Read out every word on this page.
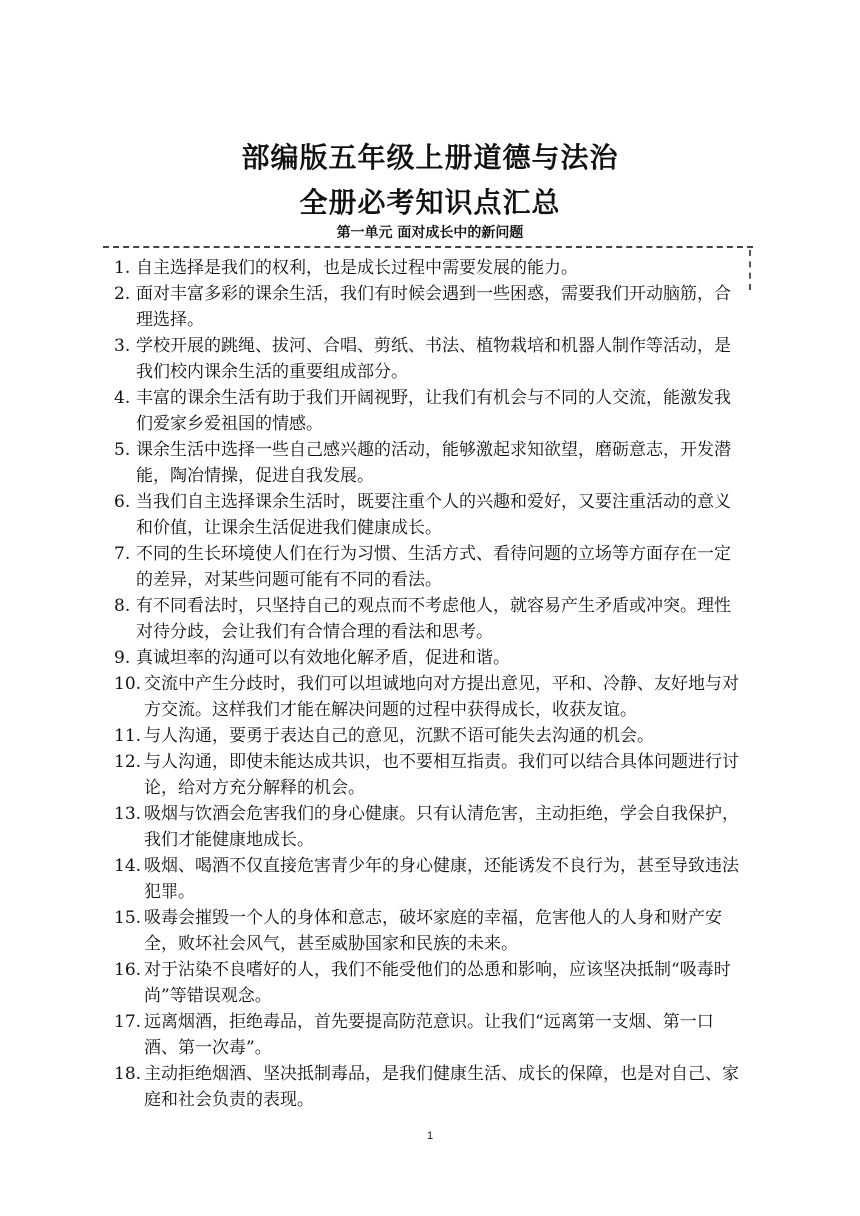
部编版五年级上册道德与法治
全册必考知识点汇总
第一单元 面对成长中的新问题
1. 自主选择是我们的权利，也是成长过程中需要发展的能力。
2. 面对丰富多彩的课余生活，我们有时候会遇到一些困惑，需要我们开动脑筋，合理选择。
3. 学校开展的跳绳、拔河、合唱、剪纸、书法、植物栽培和机器人制作等活动，是我们校内课余生活的重要组成部分。
4. 丰富的课余生活有助于我们开阔视野，让我们有机会与不同的人交流，能激发我们爱家乡爱祖国的情感。
5. 课余生活中选择一些自己感兴趣的活动，能够激起求知欲望，磨砺意志，开发潜能，陶冶情操，促进自我发展。
6. 当我们自主选择课余生活时，既要注重个人的兴趣和爱好，又要注重活动的意义和价值，让课余生活促进我们健康成长。
7. 不同的生长环境使人们在行为习惯、生活方式、看待问题的立场等方面存在一定的差异，对某些问题可能有不同的看法。
8. 有不同看法时，只坚持自己的观点而不考虑他人，就容易产生矛盾或冲突。理性对待分歧，会让我们有合情合理的看法和思考。
9. 真诚坦率的沟通可以有效地化解矛盾，促进和谐。
10. 交流中产生分歧时，我们可以坦诚地向对方提出意见，平和、冷静、友好地与对方交流。这样我们才能在解决问题的过程中获得成长，收获友谊。
11. 与人沟通，要勇于表达自己的意见，沉默不语可能失去沟通的机会。
12. 与人沟通，即使未能达成共识，也不要相互指责。我们可以结合具体问题进行讨论，给对方充分解释的机会。
13. 吸烟与饮酒会危害我们的身心健康。只有认清危害，主动拒绝，学会自我保护，我们才能健康地成长。
14. 吸烟、喝酒不仅直接危害青少年的身心健康，还能诱发不良行为，甚至导致违法犯罪。
15. 吸毒会摧毁一个人的身体和意志，破坏家庭的幸福，危害他人的人身和财产安全，败坏社会风气，甚至威胁国家和民族的未来。
16. 对于沾染不良嗜好的人，我们不能受他们的怂恿和影响，应该坚决抵制“吸毒时尚”等错误观念。
17. 远离烟酒，拒绝毒品，首先要提高防范意识。让我们“远离第一支烟、第一口酒、第一次毒”。
18. 主动拒绝烟酒、坚决抵制毒品，是我们健康生活、成长的保障，也是对自己、家庭和社会负责的表现。
1
